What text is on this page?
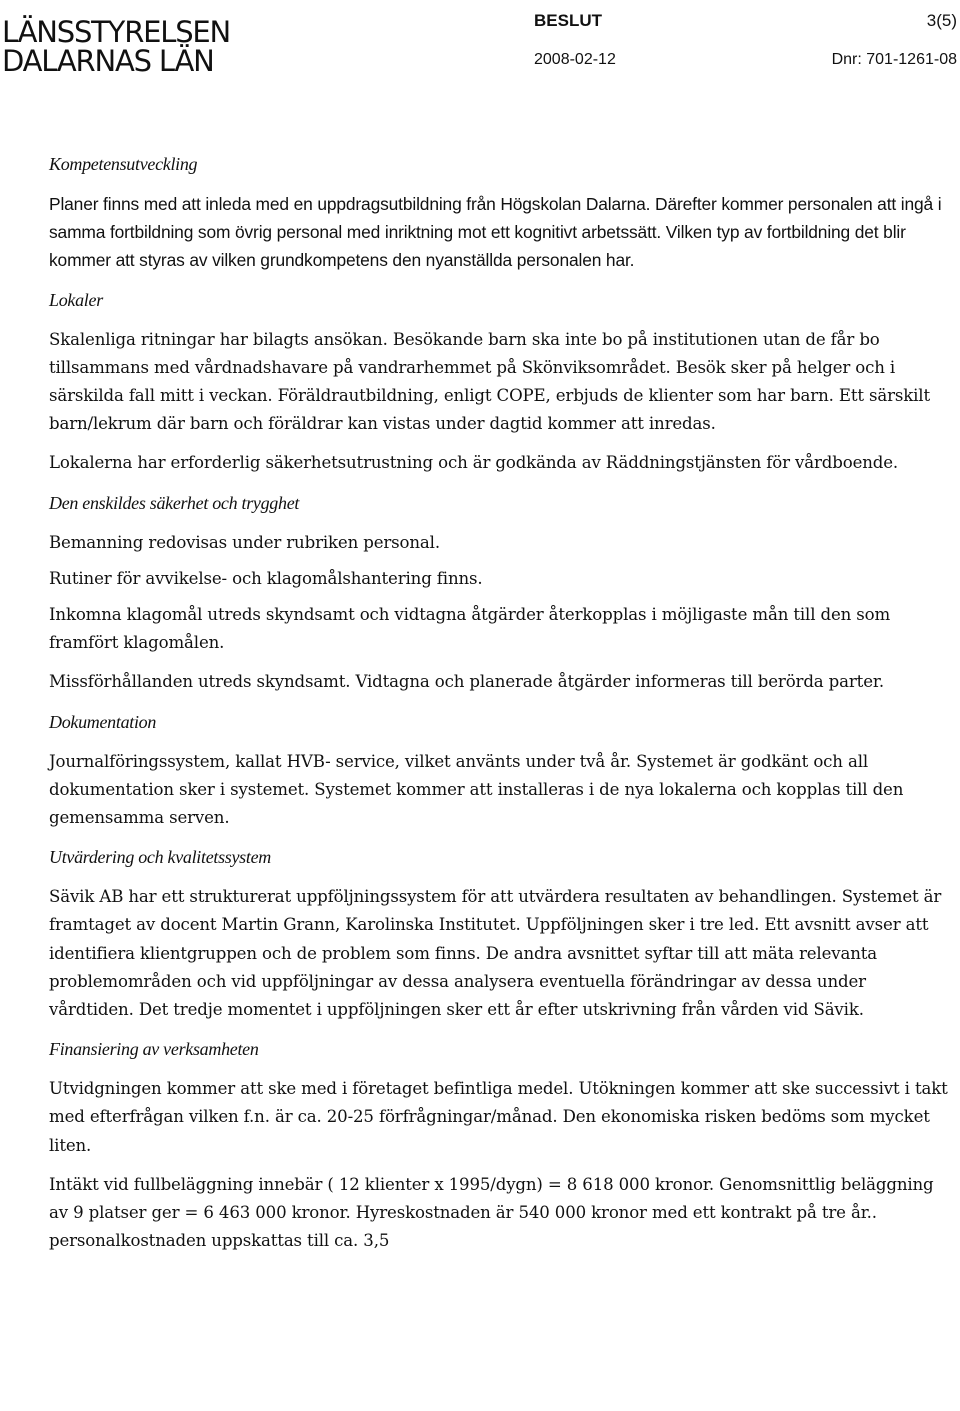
LÄNSSTYRELSEN
DALARNAS LÄN
BESLUT	3(5)
2008-02-12	Dnr: 701-1261-08
Kompetensutveckling

Planer finns med att inleda med en uppdragsutbildning från Högskolan Dalarna. Därefter kommer personalen att ingå i samma fortbildning som övrig personal med inriktning mot ett kognitivt arbetssätt. Vilken typ av fortbildning det blir kommer att styras av vilken grundkompetens den nyanställda personalen har.

Lokaler

Skalenliga ritningar har bilagts ansökan. Besökande barn ska inte bo på institutionen utan de får bo tillsammans med vårdnadshavare på vandrarhemmet på Skönviksområdet. Besök sker på helger och i särskilda fall mitt i veckan. Föräldrautbildning, enligt COPE, erbjuds de klienter som har barn. Ett särskilt barn/lekrum där barn och föräldrar kan vistas under dagtid kommer att inredas.

Lokalerna har erforderlig säkerhetsutrustning och är godkända av Räddningstjänsten för vårdboende.

Den enskildes säkerhet och trygghet

Bemanning redovisas under rubriken personal.

Rutiner för avvikelse- och klagomålshantering finns.

Inkomna klagomål utreds skyndsamt och vidtagna åtgärder återkopplas i möjligaste mån till den som framfört klagomålen.

Missförhållanden utreds skyndsamt. Vidtagna och planerade åtgärder informeras till berörda parter.

Dokumentation

Journalföringssystem, kallat HVB- service, vilket använts under två år. Systemet är godkänt och all dokumentation sker i systemet. Systemet kommer att installeras i de nya lokalerna och kopplas till den gemensamma serven.

Utvärdering och kvalitetssystem

Sävik AB har ett strukturerat uppföljningssystem för att utvärdera resultaten av behandlingen. Systemet är framtaget av docent Martin Grann, Karolinska Institutet. Uppföljningen sker i tre led. Ett avsnitt avser att identifiera klientgruppen och de problem som finns. De andra avsnittet syftar till att mäta relevanta problemområden och vid uppföljningar av dessa analysera eventuella förändringar av dessa under vårdtiden. Det tredje momentet i uppföljningen sker ett år efter utskrivning från vården vid Sävik.

Finansiering av verksamheten

Utvidgningen kommer att ske med i företaget befintliga medel. Utökningen kommer att ske successivt i takt med efterfrågan vilken f.n. är ca. 20-25 förfrågningar/månad. Den ekonomiska risken bedöms som mycket liten.

Intäkt vid fullbeläggning innebär ( 12 klienter x 1995/dygn) = 8 618 000 kronor. Genomsnittlig beläggning av 9 platser ger = 6 463 000 kronor. Hyreskostnaden är 540 000 kronor med ett kontrakt på tre år.. personalkostnaden uppskattas till ca. 3,5
